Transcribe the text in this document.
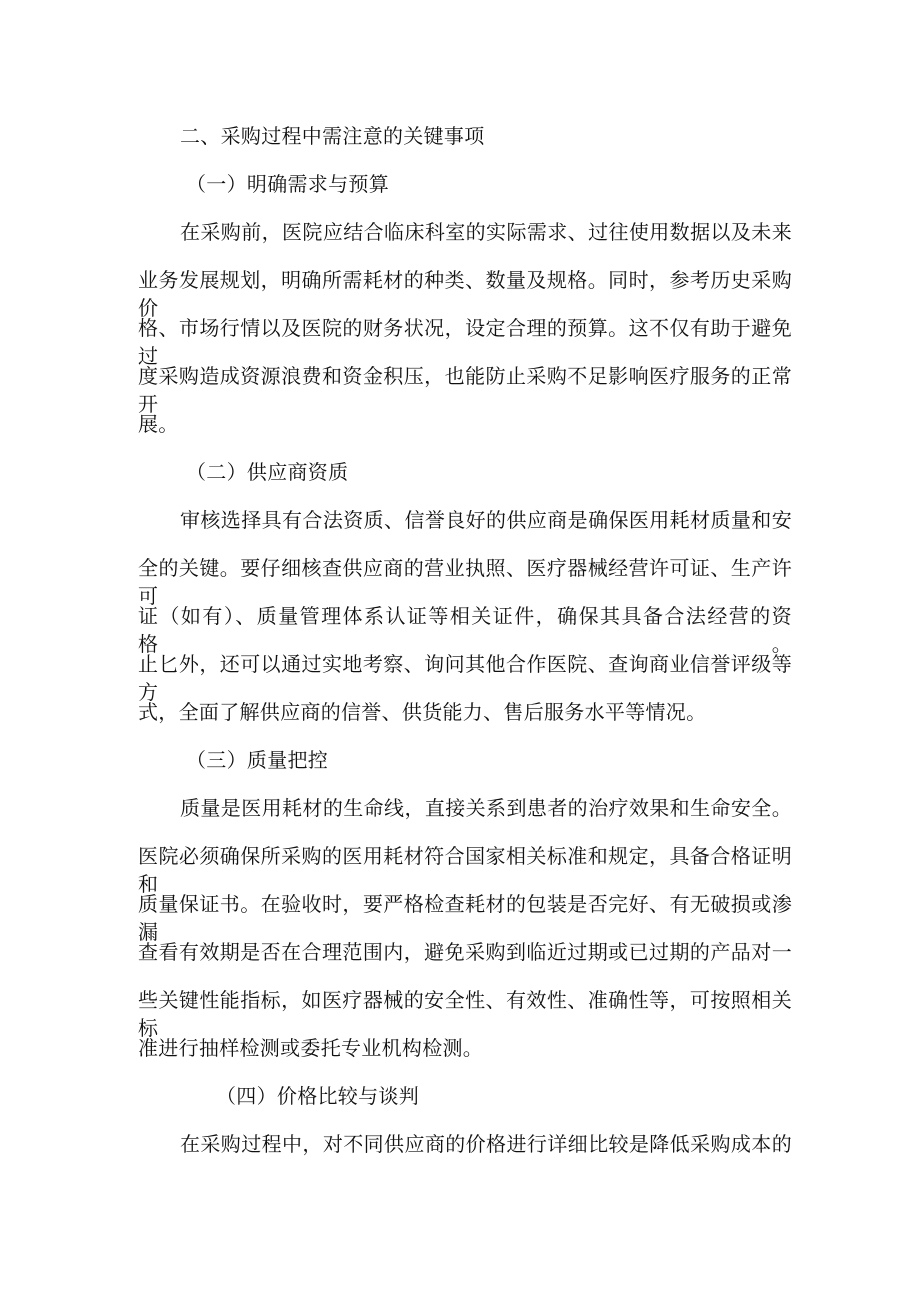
二、采购过程中需注意的关键事项
（一）明确需求与预算
在采购前，医院应结合临床科室的实际需求、过往使用数据以及未来
业务发展规划，明确所需耗材的种类、数量及规格。同时，参考历史采购价
格、市场行情以及医院的财务状况，设定合理的预算。这不仅有助于避免过
度采购造成资源浪费和资金积压，也能防止采购不足影响医疗服务的正常开
展。
（二）供应商资质
审核选择具有合法资质、信誉良好的供应商是确保医用耗材质量和安
全的关键。要仔细核查供应商的营业执照、医疗器械经营许可证、生产许可
证（如有）、质量管理体系认证等相关证件，确保其具备合法经营的资格。
止匕外，还可以通过实地考察、询问其他合作医院、查询商业信誉评级等方
式，全面了解供应商的信誉、供货能力、售后服务水平等情况。
（三）质量把控
质量是医用耗材的生命线，直接关系到患者的治疗效果和生命安全。
医院必须确保所采购的医用耗材符合国家相关标准和规定，具备合格证明和
质量保证书。在验收时，要严格检查耗材的包装是否完好、有无破损或渗漏
查看有效期是否在合理范围内，避免采购到临近过期或已过期的产品对一
些关键性能指标，如医疗器械的安全性、有效性、准确性等，可按照相关标
准进行抽样检测或委托专业机构检测。
（四）价格比较与谈判
在采购过程中，对不同供应商的价格进行详细比较是降低采购成本的
